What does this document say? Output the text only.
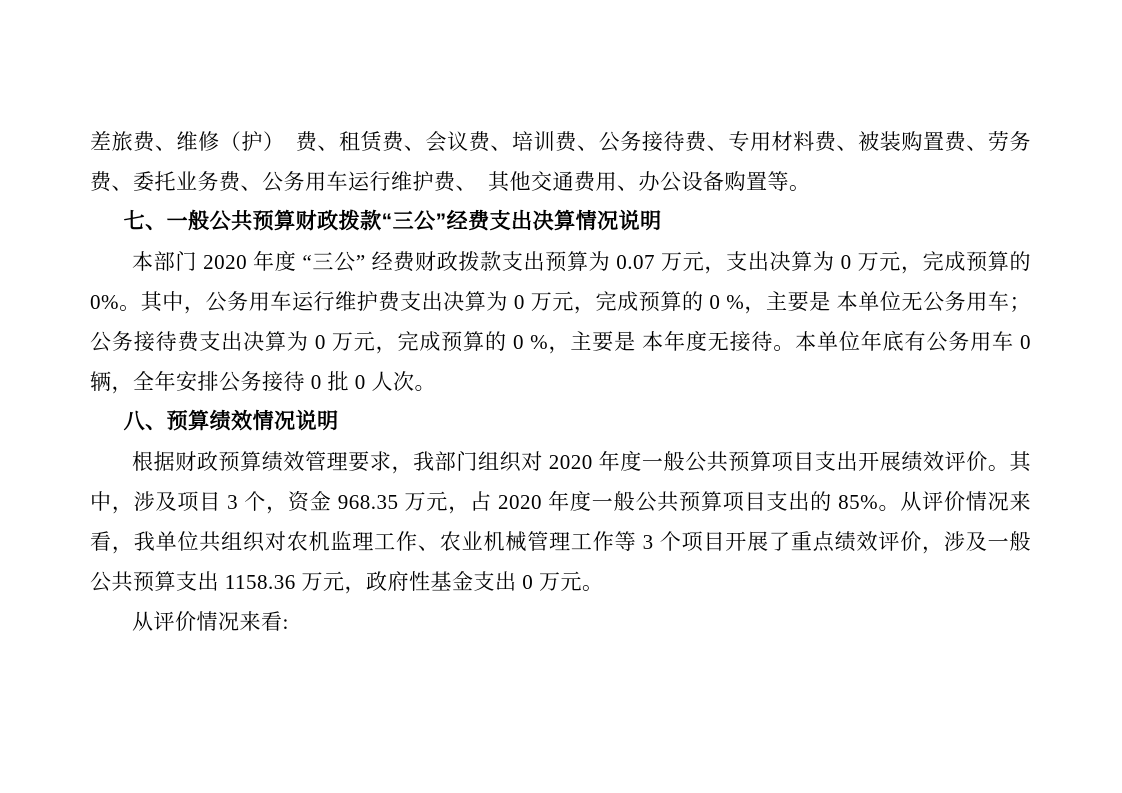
差旅费、维修（护）　费、租赁费、会议费、培训费、公务接待费、专用材料费、被装购置费、劳务费、委托业务费、公务用车运行维护费、　其他交通费用、办公设备购置等。

七、一般公共预算财政拨款“三公”经费支出决算情况说明

本部门 2020 年度 “三公” 经费财政拨款支出预算为 0.07 万元，支出决算为 0 万元，完成预算的 0%。其中，公务用车运行维护费支出决算为 0 万元，完成预算的 0 %，主要是 本单位无公务用车； 公务接待费支出决算为 0 万元，完成预算的 0 %，主要是 本年度无接待。本单位年底有公务用车 0 辆，全年安排公务接待 0 批 0 人次。

八、预算绩效情况说明

根据财政预算绩效管理要求，我部门组织对 2020 年度一般公共预算项目支出开展绩效评价。其中，涉及项目 3 个，资金 968.35 万元，占 2020 年度一般公共预算项目支出的 85%。从评价情况来看，我单位共组织对农机监理工作、农业机械管理工作等 3 个项目开展了重点绩效评价，涉及一般公共预算支出 1158.36 万元，政府性基金支出 0 万元。

从评价情况来看:
